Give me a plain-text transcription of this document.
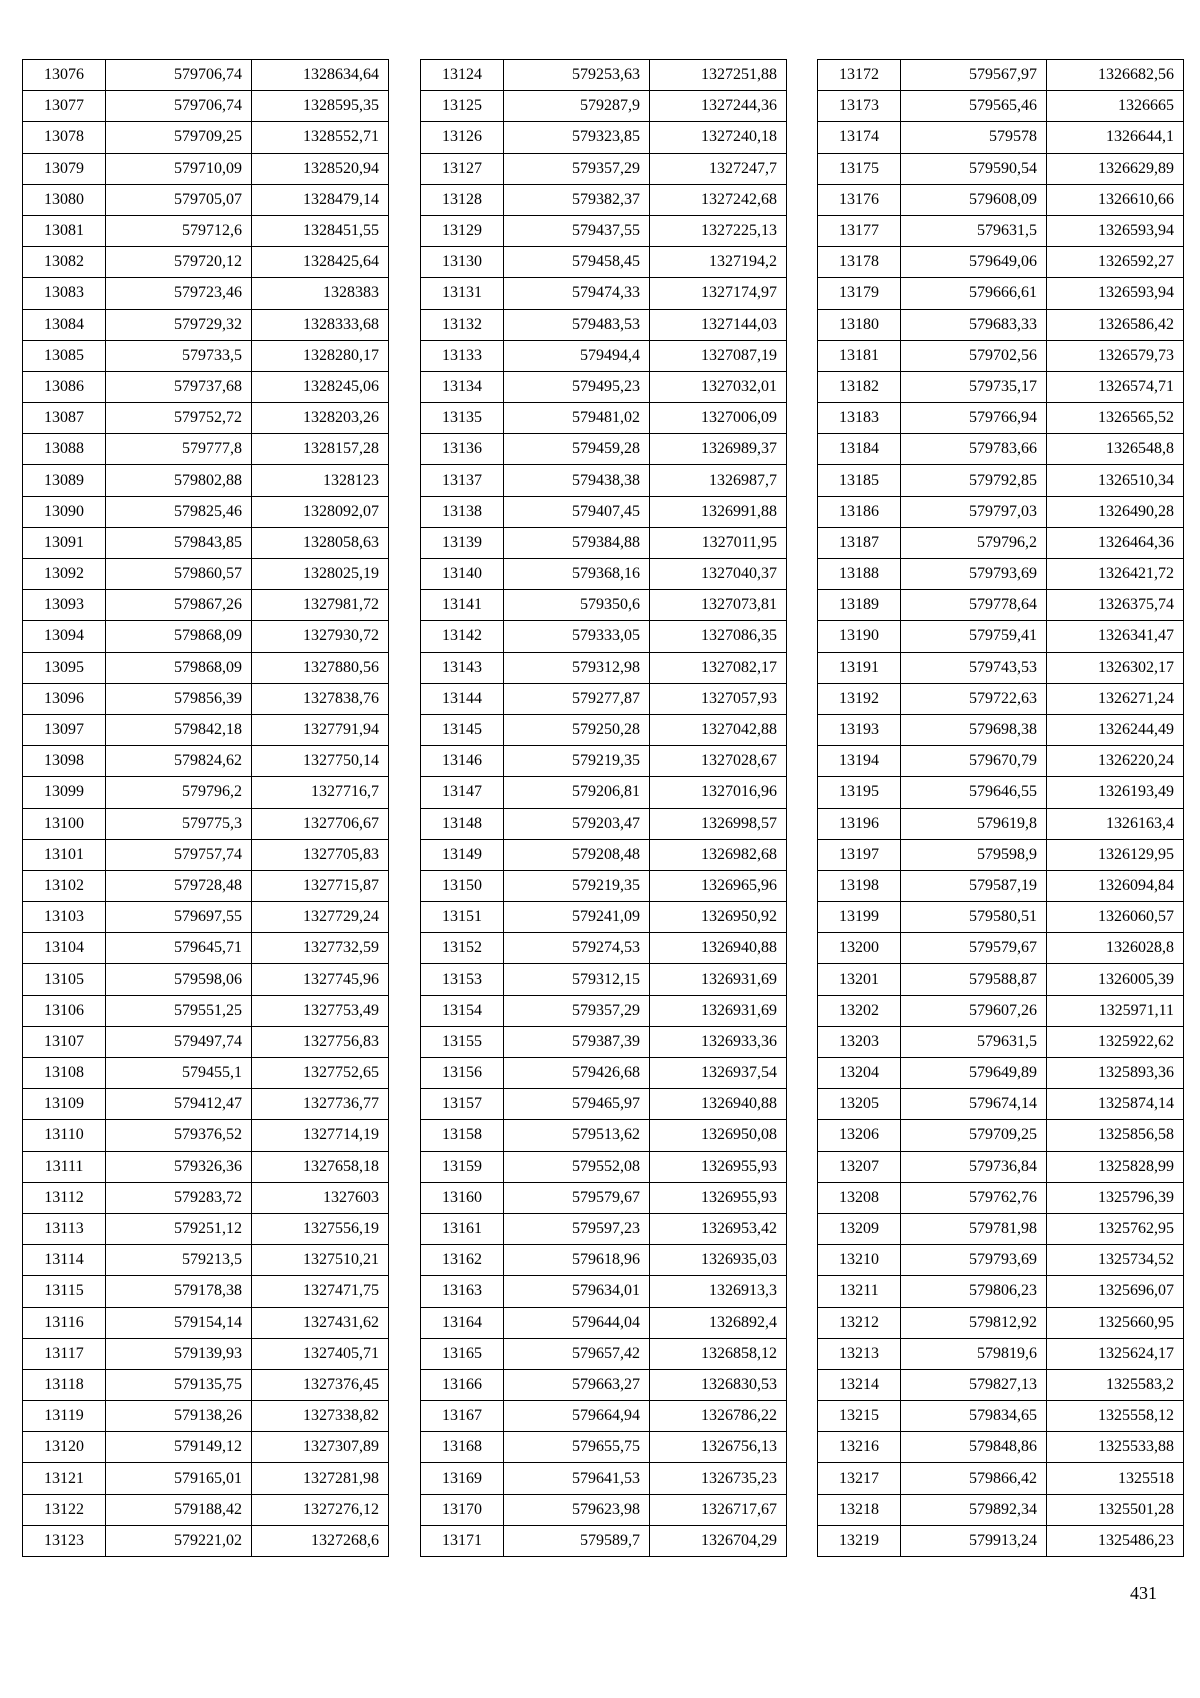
13076	579706,74	1328634,64
13077	579706,74	1328595,35
13078	579709,25	1328552,71
13079	579710,09	1328520,94
13080	579705,07	1328479,14
13081	579712,6	1328451,55
13082	579720,12	1328425,64
13083	579723,46	1328383
13084	579729,32	1328333,68
13085	579733,5	1328280,17
13086	579737,68	1328245,06
13087	579752,72	1328203,26
13088	579777,8	1328157,28
13089	579802,88	1328123
13090	579825,46	1328092,07
13091	579843,85	1328058,63
13092	579860,57	1328025,19
13093	579867,26	1327981,72
13094	579868,09	1327930,72
13095	579868,09	1327880,56
13096	579856,39	1327838,76
13097	579842,18	1327791,94
13098	579824,62	1327750,14
13099	579796,2	1327716,7
13100	579775,3	1327706,67
13101	579757,74	1327705,83
13102	579728,48	1327715,87
13103	579697,55	1327729,24
13104	579645,71	1327732,59
13105	579598,06	1327745,96
13106	579551,25	1327753,49
13107	579497,74	1327756,83
13108	579455,1	1327752,65
13109	579412,47	1327736,77
13110	579376,52	1327714,19
13111	579326,36	1327658,18
13112	579283,72	1327603
13113	579251,12	1327556,19
13114	579213,5	1327510,21
13115	579178,38	1327471,75
13116	579154,14	1327431,62
13117	579139,93	1327405,71
13118	579135,75	1327376,45
13119	579138,26	1327338,82
13120	579149,12	1327307,89
13121	579165,01	1327281,98
13122	579188,42	1327276,12
13123	579221,02	1327268,6
13124	579253,63	1327251,88
13125	579287,9	1327244,36
13126	579323,85	1327240,18
13127	579357,29	1327247,7
13128	579382,37	1327242,68
13129	579437,55	1327225,13
13130	579458,45	1327194,2
13131	579474,33	1327174,97
13132	579483,53	1327144,03
13133	579494,4	1327087,19
13134	579495,23	1327032,01
13135	579481,02	1327006,09
13136	579459,28	1326989,37
13137	579438,38	1326987,7
13138	579407,45	1326991,88
13139	579384,88	1327011,95
13140	579368,16	1327040,37
13141	579350,6	1327073,81
13142	579333,05	1327086,35
13143	579312,98	1327082,17
13144	579277,87	1327057,93
13145	579250,28	1327042,88
13146	579219,35	1327028,67
13147	579206,81	1327016,96
13148	579203,47	1326998,57
13149	579208,48	1326982,68
13150	579219,35	1326965,96
13151	579241,09	1326950,92
13152	579274,53	1326940,88
13153	579312,15	1326931,69
13154	579357,29	1326931,69
13155	579387,39	1326933,36
13156	579426,68	1326937,54
13157	579465,97	1326940,88
13158	579513,62	1326950,08
13159	579552,08	1326955,93
13160	579579,67	1326955,93
13161	579597,23	1326953,42
13162	579618,96	1326935,03
13163	579634,01	1326913,3
13164	579644,04	1326892,4
13165	579657,42	1326858,12
13166	579663,27	1326830,53
13167	579664,94	1326786,22
13168	579655,75	1326756,13
13169	579641,53	1326735,23
13170	579623,98	1326717,67
13171	579589,7	1326704,29
13172	579567,97	1326682,56
13173	579565,46	1326665
13174	579578	1326644,1
13175	579590,54	1326629,89
13176	579608,09	1326610,66
13177	579631,5	1326593,94
13178	579649,06	1326592,27
13179	579666,61	1326593,94
13180	579683,33	1326586,42
13181	579702,56	1326579,73
13182	579735,17	1326574,71
13183	579766,94	1326565,52
13184	579783,66	1326548,8
13185	579792,85	1326510,34
13186	579797,03	1326490,28
13187	579796,2	1326464,36
13188	579793,69	1326421,72
13189	579778,64	1326375,74
13190	579759,41	1326341,47
13191	579743,53	1326302,17
13192	579722,63	1326271,24
13193	579698,38	1326244,49
13194	579670,79	1326220,24
13195	579646,55	1326193,49
13196	579619,8	1326163,4
13197	579598,9	1326129,95
13198	579587,19	1326094,84
13199	579580,51	1326060,57
13200	579579,67	1326028,8
13201	579588,87	1326005,39
13202	579607,26	1325971,11
13203	579631,5	1325922,62
13204	579649,89	1325893,36
13205	579674,14	1325874,14
13206	579709,25	1325856,58
13207	579736,84	1325828,99
13208	579762,76	1325796,39
13209	579781,98	1325762,95
13210	579793,69	1325734,52
13211	579806,23	1325696,07
13212	579812,92	1325660,95
13213	579819,6	1325624,17
13214	579827,13	1325583,2
13215	579834,65	1325558,12
13216	579848,86	1325533,88
13217	579866,42	1325518
13218	579892,34	1325501,28
13219	579913,24	1325486,23
431
